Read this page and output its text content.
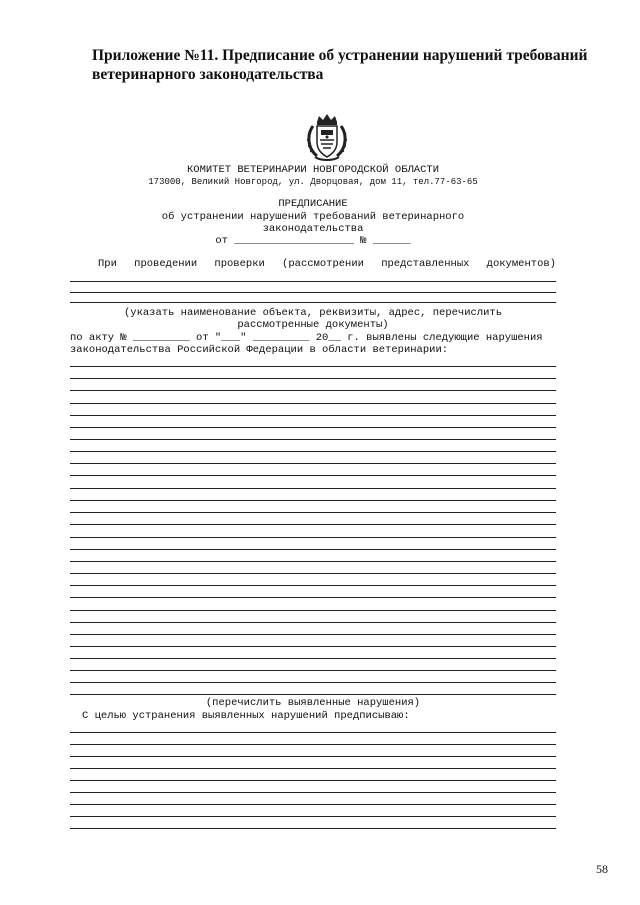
Приложение №11. Предписание об устранении нарушений требований
ветеринарного законодательства
КОМИТЕТ ВЕТЕРИНАРИИ НОВГОРОДСКОЙ ОБЛАСТИ
173000, Великий Новгород, ул. Дворцовая, дом 11, тел.77-63-65
ПРЕДПИСАНИЕ
об устранении нарушений требований ветеринарного
законодательства
от ___________________ № ______
При проведении проверки (рассмотрении представленных документов)
(указать наименование объекта, реквизиты, адрес, перечислить
рассмотренные документы)
по акту № _________ от "___" _________ 20__ г. выявлены следующие нарушения
законодательства Российской Федерации в области ветеринарии:
(перечислить выявленные нарушения)
С целью устранения выявленных нарушений предписываю:
58
